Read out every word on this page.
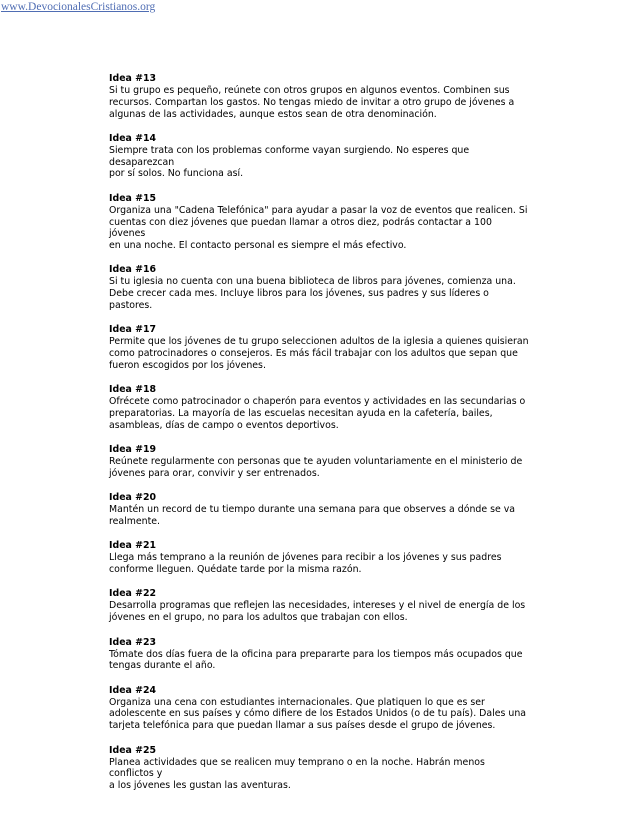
www.DevocionalesCristianos.org
Idea #13
Si tu grupo es pequeño, reúnete con otros grupos en algunos eventos. Combinen sus
recursos. Compartan los gastos. No tengas miedo de invitar a otro grupo de jóvenes a
algunas de las actividades, aunque estos sean de otra denominación.
Idea #14
Siempre trata con los problemas conforme vayan surgiendo. No esperes que desaparezcan
por sí solos. No funciona así.
Idea #15
Organiza una "Cadena Telefónica" para ayudar a pasar la voz de eventos que realicen. Si
cuentas con diez jóvenes que puedan llamar a otros diez, podrás contactar a 100 jóvenes
en una noche. El contacto personal es siempre el más efectivo.
Idea #16
Si tu iglesia no cuenta con una buena biblioteca de libros para jóvenes, comienza una.
Debe crecer cada mes. Incluye libros para los jóvenes, sus padres y sus líderes o pastores.
Idea #17
Permite que los jóvenes de tu grupo seleccionen adultos de la iglesia a quienes quisieran
como patrocinadores o consejeros. Es más fácil trabajar con los adultos que sepan que
fueron escogidos por los jóvenes.
Idea #18
Ofrécete como patrocinador o chaperón para eventos y actividades en las secundarias o
preparatorias. La mayoría de las escuelas necesitan ayuda en la cafetería, bailes,
asambleas, días de campo o eventos deportivos.
Idea #19
Reúnete regularmente con personas que te ayuden voluntariamente en el ministerio de
jóvenes para orar, convivir y ser entrenados.
Idea #20
Mantén un record de tu tiempo durante una semana para que observes a dónde se va
realmente.
Idea #21
Llega más temprano a la reunión de jóvenes para recibir a los jóvenes y sus padres
conforme lleguen. Quédate tarde por la misma razón.
Idea #22
Desarrolla programas que reflejen las necesidades, intereses y el nivel de energía de los
jóvenes en el grupo, no para los adultos que trabajan con ellos.
Idea #23
Tómate dos días fuera de la oficina para prepararte para los tiempos más ocupados que
tengas durante el año.
Idea #24
Organiza una cena con estudiantes internacionales. Que platiquen lo que es ser
adolescente en sus países y cómo difiere de los Estados Unidos (o de tu país). Dales una
tarjeta telefónica para que puedan llamar a sus países desde el grupo de jóvenes.
Idea #25
Planea actividades que se realicen muy temprano o en la noche. Habrán menos conflictos y
a los jóvenes les gustan las aventuras.
